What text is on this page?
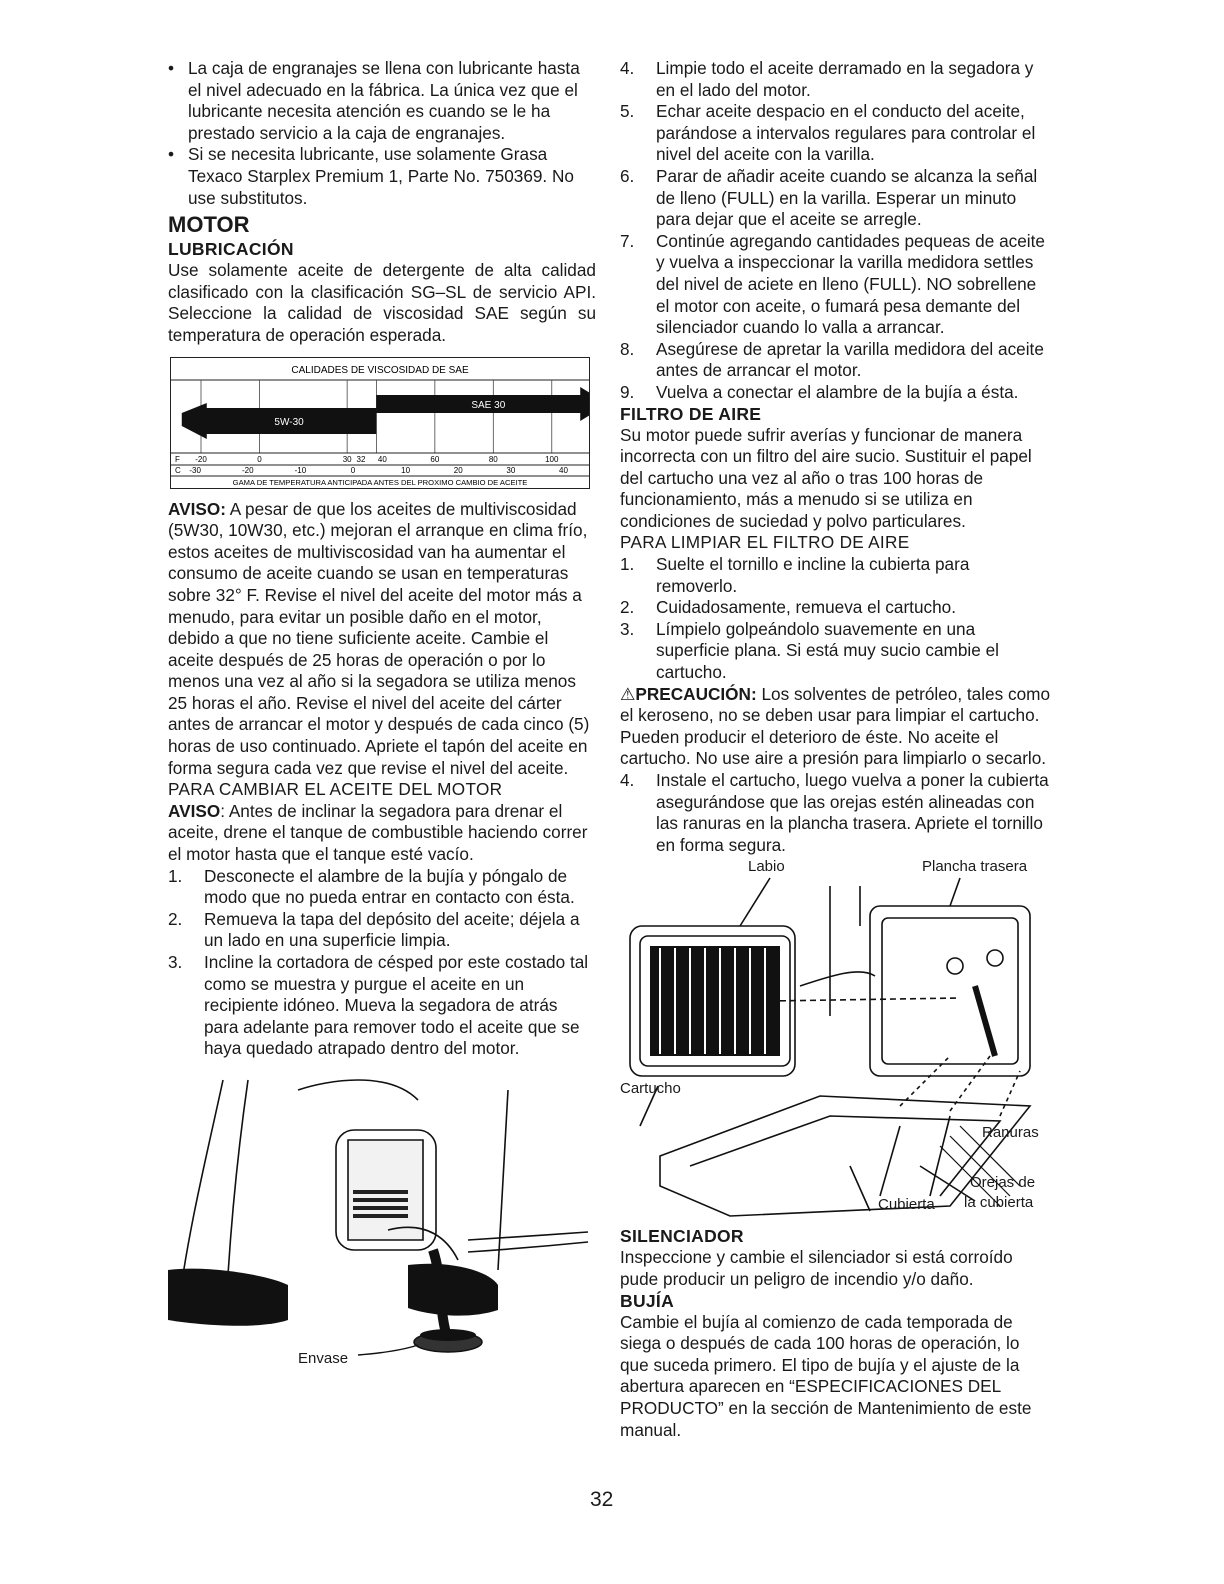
• La caja de engranajes se llena con lubricante hasta el nivel adecuado en la fábrica. La única vez que el lubricante necesita atención es cuando se le ha prestado servicio a la caja de engranajes.

• Si se necesita lubricante, use solamente Grasa Texaco Starplex Premium 1, Parte No. 750369. No use substitutos.

MOTOR
LUBRICACIÓN

Use solamente aceite de detergente de alta calidad clasificado con la clasificación SG–SL de servicio API. Seleccione la calidad de viscosidad SAE según su temperatura de operación esperada.

CALIDADES DE VISCOSIDAD DE SAE
5W-30
SAE 30
F -20	0	30 32 40	60	80	100
C -30	-20	-10	0	10	20	30	40
GAMA DE TEMPERATURA ANTICIPADA ANTES DEL PROXIMO CAMBIO DE ACEITE

AVISO: A pesar de que los aceites de multiviscosidad (5W30, 10W30, etc.) mejoran el arranque en clima frío, estos aceites de multiviscosidad van ha aumentar el consumo de aceite cuando se usan en temperaturas sobre 32° F. Revise el nivel del aceite del motor más a menudo, para evitar un posible daño en el motor, debido a que no tiene suficiente aceite. Cambie el aceite después de 25 horas de operación o por lo menos una vez al año si la segadora se utiliza menos 25 horas el año. Revise el nivel del aceite del cárter antes de arrancar el motor y después de cada cinco (5) horas de uso continuado. Apriete el tapón del aceite en forma segura cada vez que revise el nivel del aceite.

PARA CAMBIAR EL ACEITE DEL MOTOR

AVISO: Antes de inclinar la segadora para drenar el aceite, drene el tanque de combustible haciendo correr el motor hasta que el tanque esté vacío.

1.	Desconecte el alambre de la bujía y póngalo de modo que no pueda entrar en contacto con ésta.

2.	Remueva la tapa del depósito del aceite; déjela a un lado en una superficie limpia.

3.	Incline la cortadora de césped por este costado tal como se muestra y purgue el aceite en un recipiente idóneo. Mueva la segadora de atrás para adelante para remover todo el aceite que se haya quedado atrapado dentro del motor.

Envase
4.	Limpie todo el aceite derramado en la segadora y en el lado del motor.

5.	Echar aceite despacio en el conducto del aceite, parándose a intervalos regulares para controlar el nivel del aceite con la varilla.

6.	Parar de añadir aceite cuando se alcanza la señal de lleno (FULL) en la varilla. Esperar un minuto para dejar que el aceite se arregle.

7.	Continúe agregando cantidades pequeas de aceite y vuelva a inspeccionar la varilla medidora settles del nivel de aciete en lleno (FULL). NO sobrellene el motor con aceite, o fumará pesa demante del silenciador cuando lo valla a arrancar.

8.	Asegúrese de apretar la varilla medidora del aceite antes de arrancar el motor.

9.	Vuelva a conectar el alambre de la bujía a ésta.

FILTRO DE AIRE

Su motor puede sufrir averías y funcionar de manera incorrecta con un filtro del aire sucio. Sustituir el papel del cartucho una vez al año o tras 100 horas de funcionamiento, más a menudo si se utiliza en condiciones de suciedad y polvo particulares.

PARA LIMPIAR EL FILTRO DE AIRE

1.	Suelte el tornillo e incline la cubierta para removerlo.

2.	Cuidadosamente, remueva el cartucho.

3.	Límpielo golpeándolo suavemente en una superficie plana. Si está muy sucio cambie el cartucho.

⚠PRECAUCIÓN: Los solventes de petróleo, tales como el keroseno, no se deben usar para limpiar el cartucho. Pueden producir el deterioro de éste. No aceite el cartucho. No use aire a presión para limpiarlo o secarlo.

4.	Instale el cartucho, luego vuelva a poner la cubierta asegurándose que las orejas estén alineadas con las ranuras en la plancha trasera. Apriete el tornillo en forma segura.

Labio	Plancha trasera
Cartucho
Ranuras
Orejas de
la cubierta
Cubierta
SILENCIADOR

Inspeccione y cambie el silenciador si está corroído pude producir un peligro de incendio y/o daño.

BUJÍA

Cambie el bujía al comienzo de cada temporada de siega o después de cada 100 horas de operación, lo que suceda primero. El tipo de bujía y el ajuste de la abertura aparecen en “ESPECIFICACIONES DEL PRODUCTO” en la sección de Mantenimiento de este manual.

32
